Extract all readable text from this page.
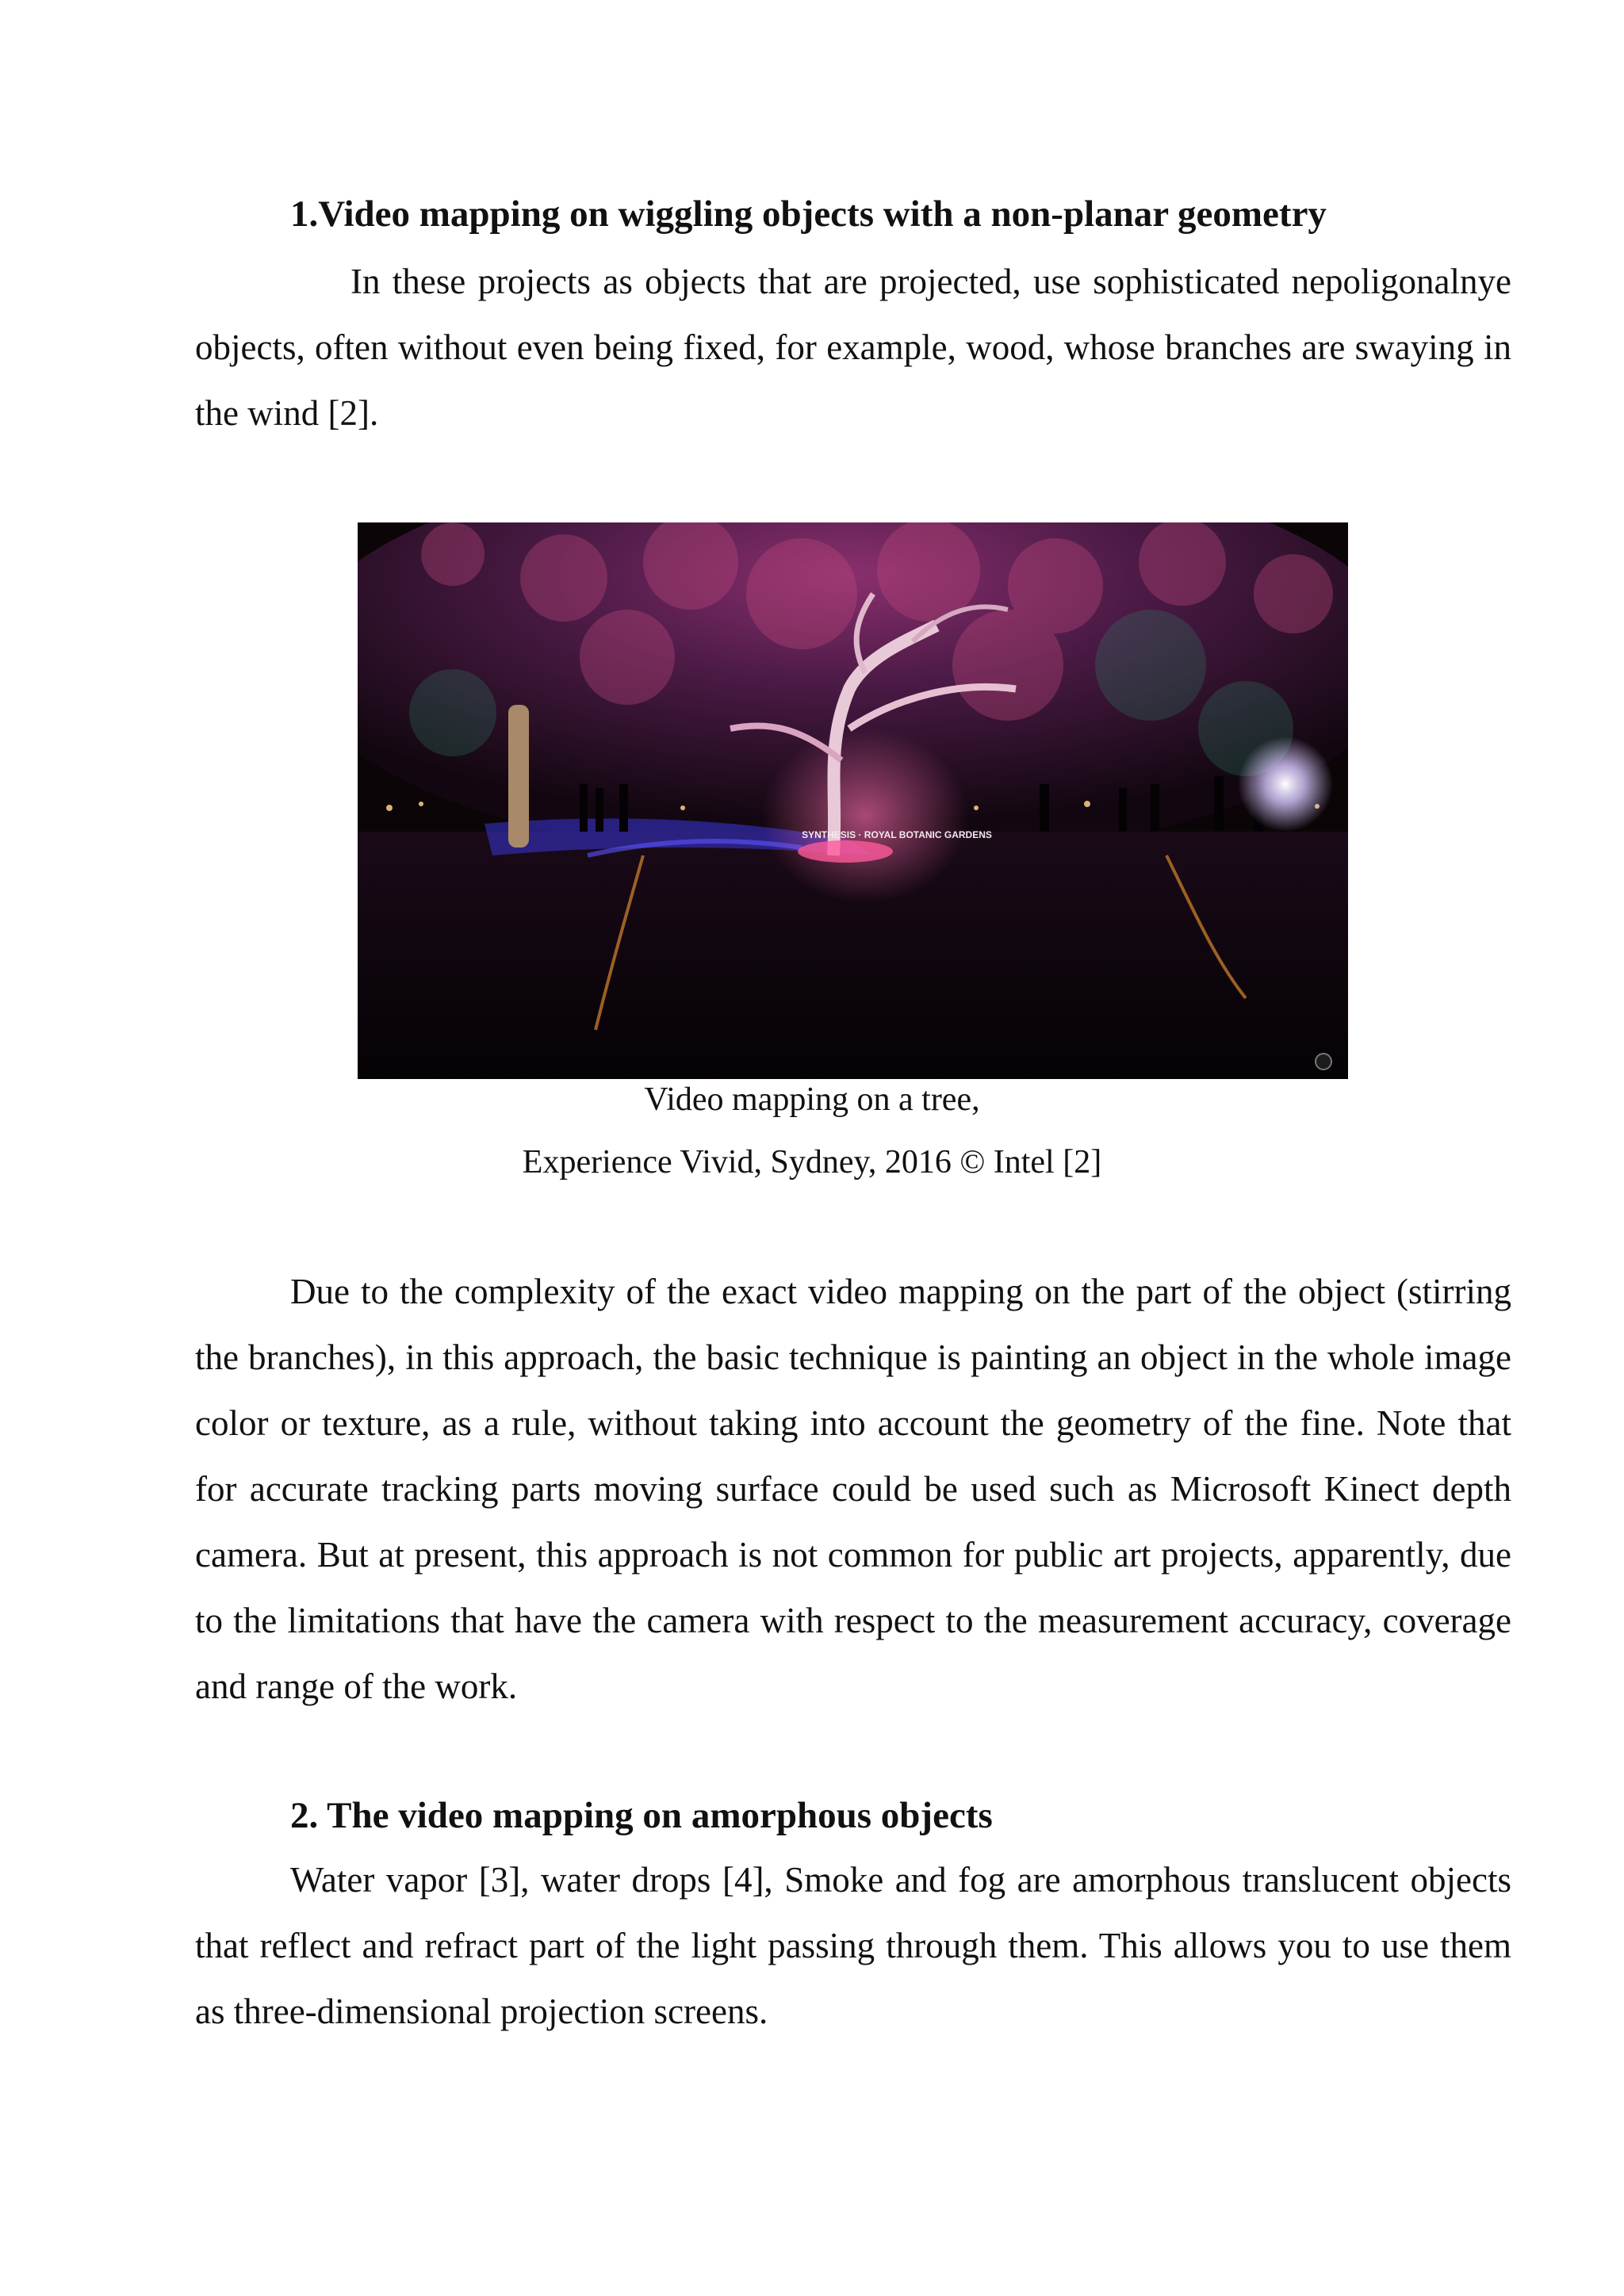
1.Video mapping on wiggling objects with a non-planar geometry

In these projects as objects that are projected, use sophisticated nepoligonalnye objects, often without even being fixed, for example, wood, whose branches are swaying in the wind [2].

SYNTHESIS · ROYAL BOTANIC GARDENS

Video mapping on a tree,

Experience Vivid, Sydney, 2016 © Intel [2]

Due to the complexity of the exact video mapping on the part of the object (stirring the branches), in this approach, the basic technique is painting an object in the whole image color or texture, as a rule, without taking into account the geometry of the fine. Note that for accurate tracking parts moving surface could be used such as Microsoft Kinect depth camera. But at present, this approach is not common for public art projects, apparently, due to the limitations that have the camera with respect to the measurement accuracy, coverage and range of the work.

2. The video mapping on amorphous objects

Water vapor [3], water drops [4], Smoke and fog are amorphous translucent objects that reflect and refract part of the light passing through them. This allows you to use them as three-dimensional projection screens.
